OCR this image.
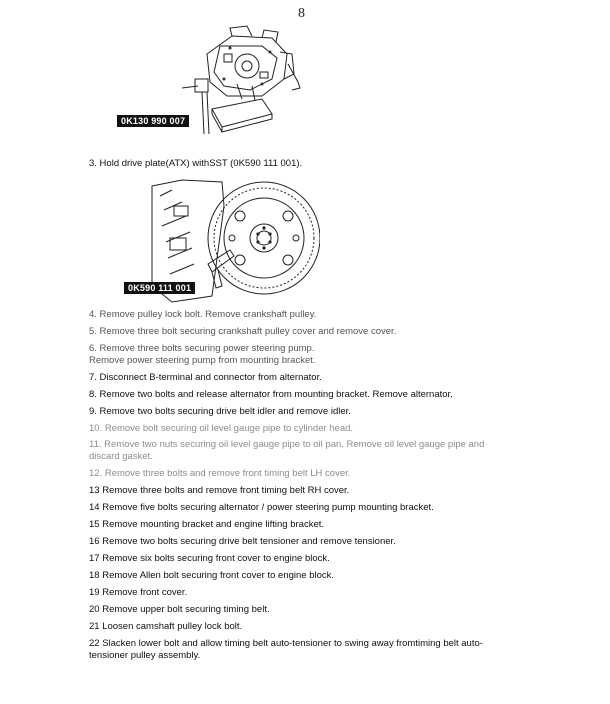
8
0K130 990 007
3. Hold drive plate(ATX) withSST (0K590 111 001).
0K590 111 001
4. Remove pulley lock bolt. Remove crankshaft pulley.
5. Remove three bolt securing crankshaft pulley cover and remove cover.
6. Remove three bolts securing power steering pump.
Remove power steering pump from mounting bracket.
7. Disconnect B-terminal and connector from alternator.
8. Remove two bolts and release alternator from mounting bracket. Remove alternator.
9. Remove two bolts securing drive belt idler and remove idler.
10. Remove bolt securing oil level gauge pipe to cylinder head.
11. Remove two nuts securing oil level gauge pipe to oil pan. Remove oil level gauge pipe and
discard gasket.
12. Remove three bolts and remove front timing belt LH cover.
13 Remove three bolts and remove front timing belt RH cover.
14 Remove five bolts securing alternator / power steering pump mounting bracket.
15 Remove mounting bracket and engine lifting bracket.
16 Remove two bolts securing drive belt tensioner and remove tensioner.
17 Remove six bolts securing front cover to engine block.
18 Remove Allen bolt securing front cover to engine block.
19 Remove front cover.
20 Remove upper bolt securing timing belt.
21 Loosen camshaft pulley lock bolt.
22 Slacken lower bolt and allow timing belt auto-tensioner to swing away fromtiming belt auto-
tensioner pulley assembly.
